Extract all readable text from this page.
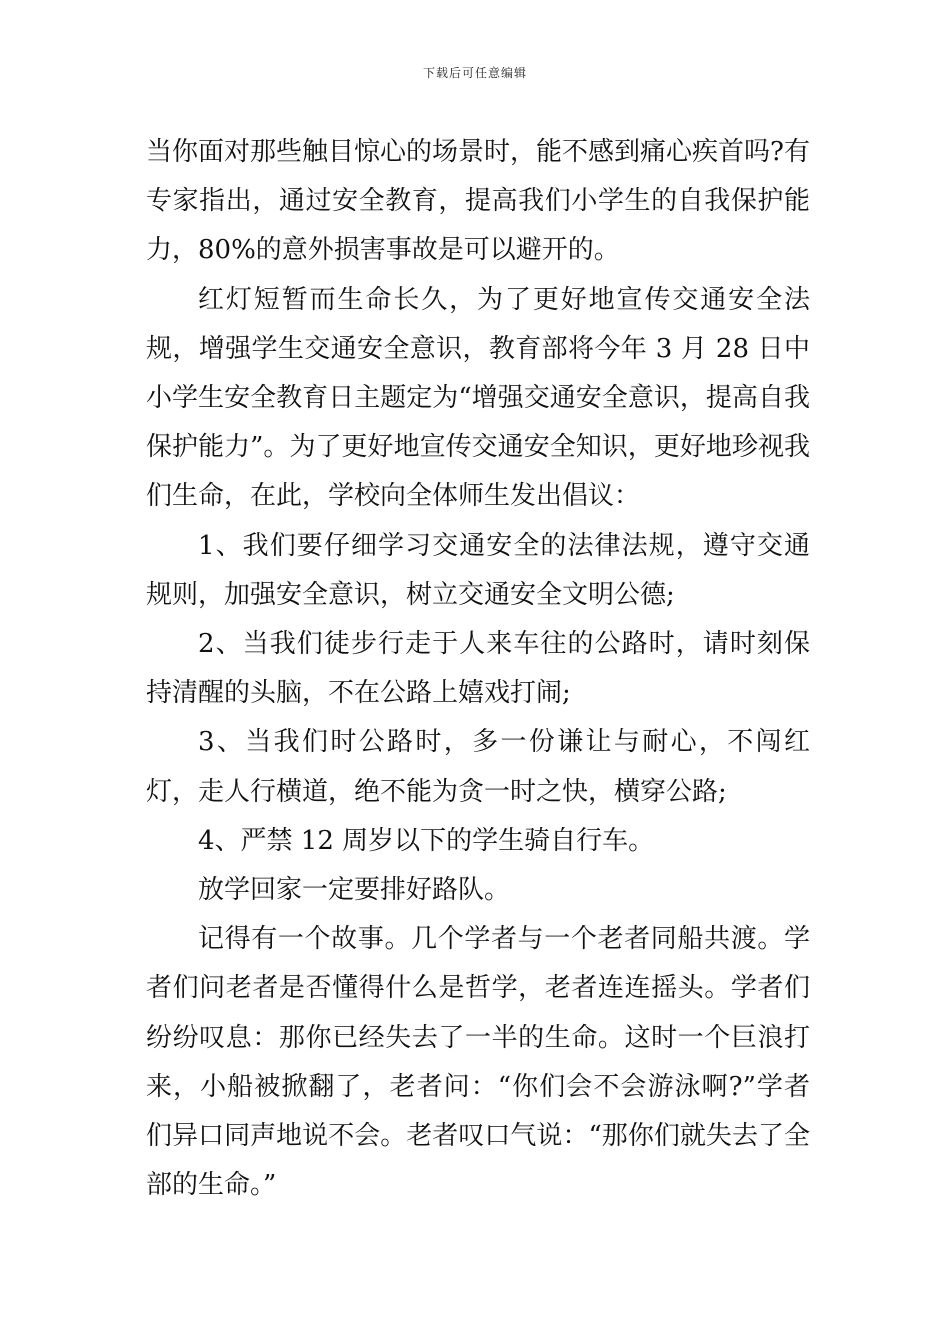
下载后可任意编辑

当你面对那些触目惊心的场景时，能不感到痛心疾首吗?有专家指出，通过安全教育，提高我们小学生的自我保护能力，80%的意外损害事故是可以避开的。

红灯短暂而生命长久，为了更好地宣传交通安全法规，增强学生交通安全意识，教育部将今年 3 月 28 日中小学生安全教育日主题定为“增强交通安全意识，提高自我保护能力”。为了更好地宣传交通安全知识，更好地珍视我们生命，在此，学校向全体师生发出倡议：

1、我们要仔细学习交通安全的法律法规，遵守交通规则，加强安全意识，树立交通安全文明公德;

2、当我们徒步行走于人来车往的公路时，请时刻保持清醒的头脑，不在公路上嬉戏打闹;

3、当我们时公路时，多一份谦让与耐心，不闯红灯，走人行横道，绝不能为贪一时之快，横穿公路;

4、严禁 12 周岁以下的学生骑自行车。

放学回家一定要排好路队。

记得有一个故事。几个学者与一个老者同船共渡。学者们问老者是否懂得什么是哲学，老者连连摇头。学者们纷纷叹息：那你已经失去了一半的生命。这时一个巨浪打来，小船被掀翻了，老者问：“你们会不会游泳啊?”学者们异口同声地说不会。老者叹口气说：“那你们就失去了全部的生命。”
